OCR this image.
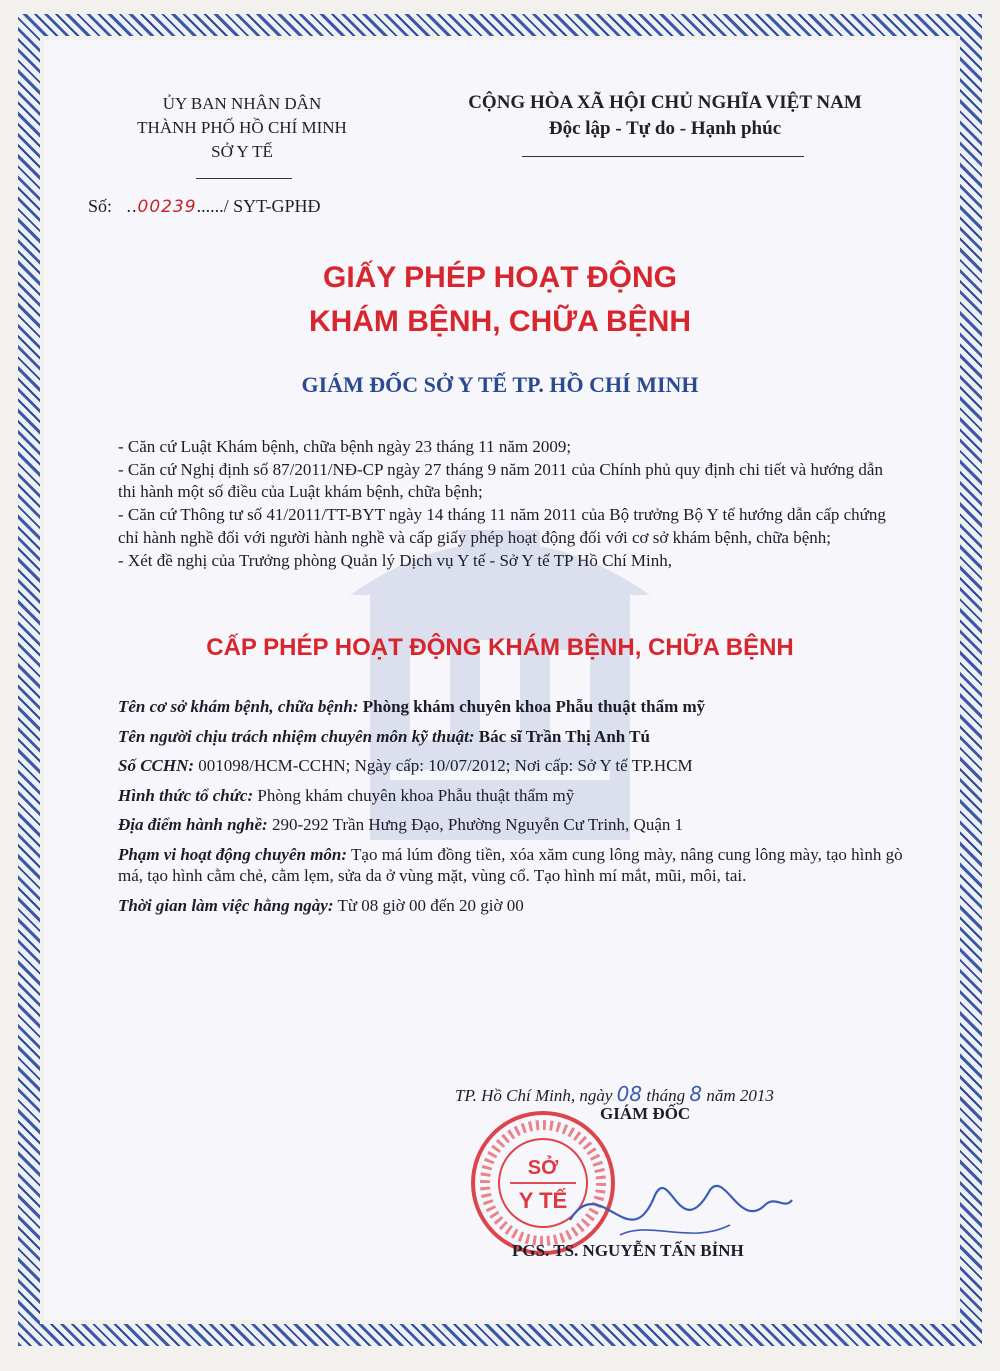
ỦY BAN NHÂN DÂN
THÀNH PHỐ HỒ CHÍ MINH
SỞ Y TẾ
CỘNG HÒA XÃ HỘI CHỦ NGHĨA VIỆT NAM
Độc lập - Tự do - Hạnh phúc
Số: ..00239....../ SYT-GPHĐ
GIẤY PHÉP HOẠT ĐỘNG
KHÁM BỆNH, CHỮA BỆNH
GIÁM ĐỐC SỞ Y TẾ TP. HỒ CHÍ MINH

- Căn cứ Luật Khám bệnh, chữa bệnh ngày 23 tháng 11 năm 2009;

- Căn cứ Nghị định số 87/2011/NĐ-CP ngày 27 tháng 9 năm 2011 của Chính phủ quy định chi tiết và hướng dẫn thi hành một số điều của Luật khám bệnh, chữa bệnh;

- Căn cứ Thông tư số 41/2011/TT-BYT ngày 14 tháng 11 năm 2011 của Bộ trưởng Bộ Y tế hướng dẫn cấp chứng chỉ hành nghề đối với người hành nghề và cấp giấy phép hoạt động đối với cơ sở khám bệnh, chữa bệnh;

- Xét đề nghị của Trưởng phòng Quản lý Dịch vụ Y tế - Sở Y tế TP Hồ Chí Minh,

CẤP PHÉP HOẠT ĐỘNG KHÁM BỆNH, CHỮA BỆNH
Tên cơ sở khám bệnh, chữa bệnh: Phòng khám chuyên khoa Phẫu thuật thẩm mỹ
Tên người chịu trách nhiệm chuyên môn kỹ thuật: Bác sĩ Trần Thị Anh Tú
Số CCHN: 001098/HCM-CCHN; Ngày cấp: 10/07/2012; Nơi cấp: Sở Y tế TP.HCM
Hình thức tổ chức: Phòng khám chuyên khoa Phẫu thuật thẩm mỹ
Địa điểm hành nghề: 290-292 Trần Hưng Đạo, Phường Nguyễn Cư Trinh, Quận 1
Phạm vi hoạt động chuyên môn: Tạo má lúm đồng tiền, xóa xăm cung lông mày, nâng cung lông mày, tạo hình gò má, tạo hình cằm chẻ, cằm lẹm, sửa da ở vùng mặt, vùng cổ. Tạo hình mí mắt, mũi, môi, tai.
Thời gian làm việc hằng ngày: Từ 08 giờ 00 đến 20 giờ 00
TP. Hồ Chí Minh, ngày 08 tháng 8 năm 2013
GIÁM ĐỐC
SỞ
Y TẾ
PGS. TS. NGUYỄN TẤN BỈNH
